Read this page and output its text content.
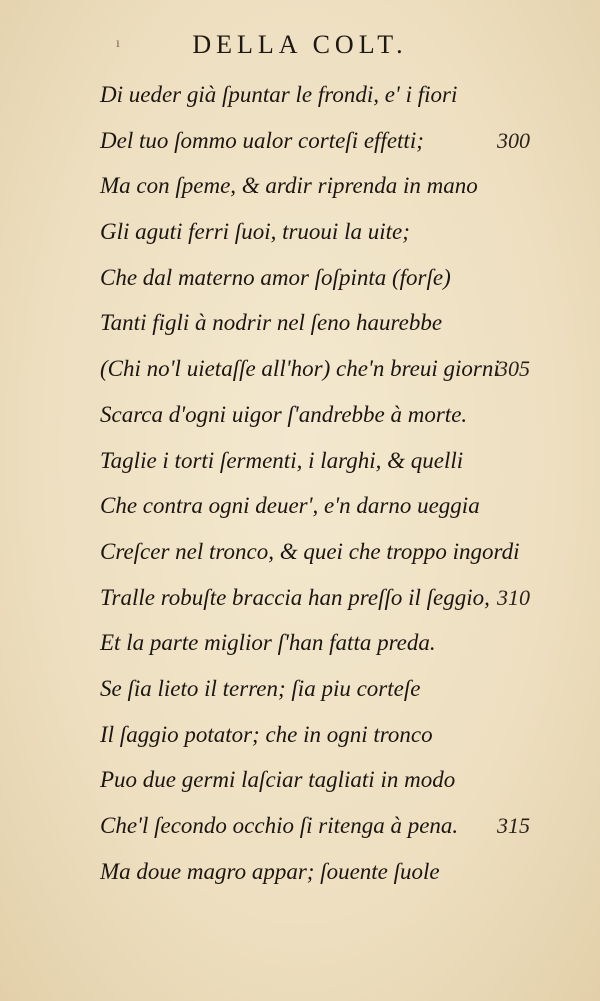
ı	DELLA COLT.
Di ueder già ſpuntar le frondi, e' i fiori
Del tuo ſommo ualor corteſi effetti;	300
Ma con ſpeme, & ardir riprenda in mano
Gli aguti ferri ſuoi, truoui la uite;
Che dal materno amor ſoſpinta (forſe)
Tanti figli à nodrir nel ſeno haurebbe
(Chi no'l uietaſſe all'hor) che'n breui giorni
305
Scarca d'ogni uigor ſ'andrebbe à morte.
Taglie i torti ſermenti, i larghi, & quelli
Che contra ogni deuer', e'n darno ueggia
Creſcer nel tronco, & quei che troppo ingordi
Tralle robuſte braccia han preſſo il ſeggio, 310
Et la parte miglior ſ'han fatta preda.
Se ſia lieto il terren; ſia piu corteſe
Il ſaggio potator; che in ogni tronco
Puo due germi laſciar tagliati in modo
Che'l ſecondo occhio ſi ritenga à pena. 315
Ma doue magro appar; ſouente ſuole
